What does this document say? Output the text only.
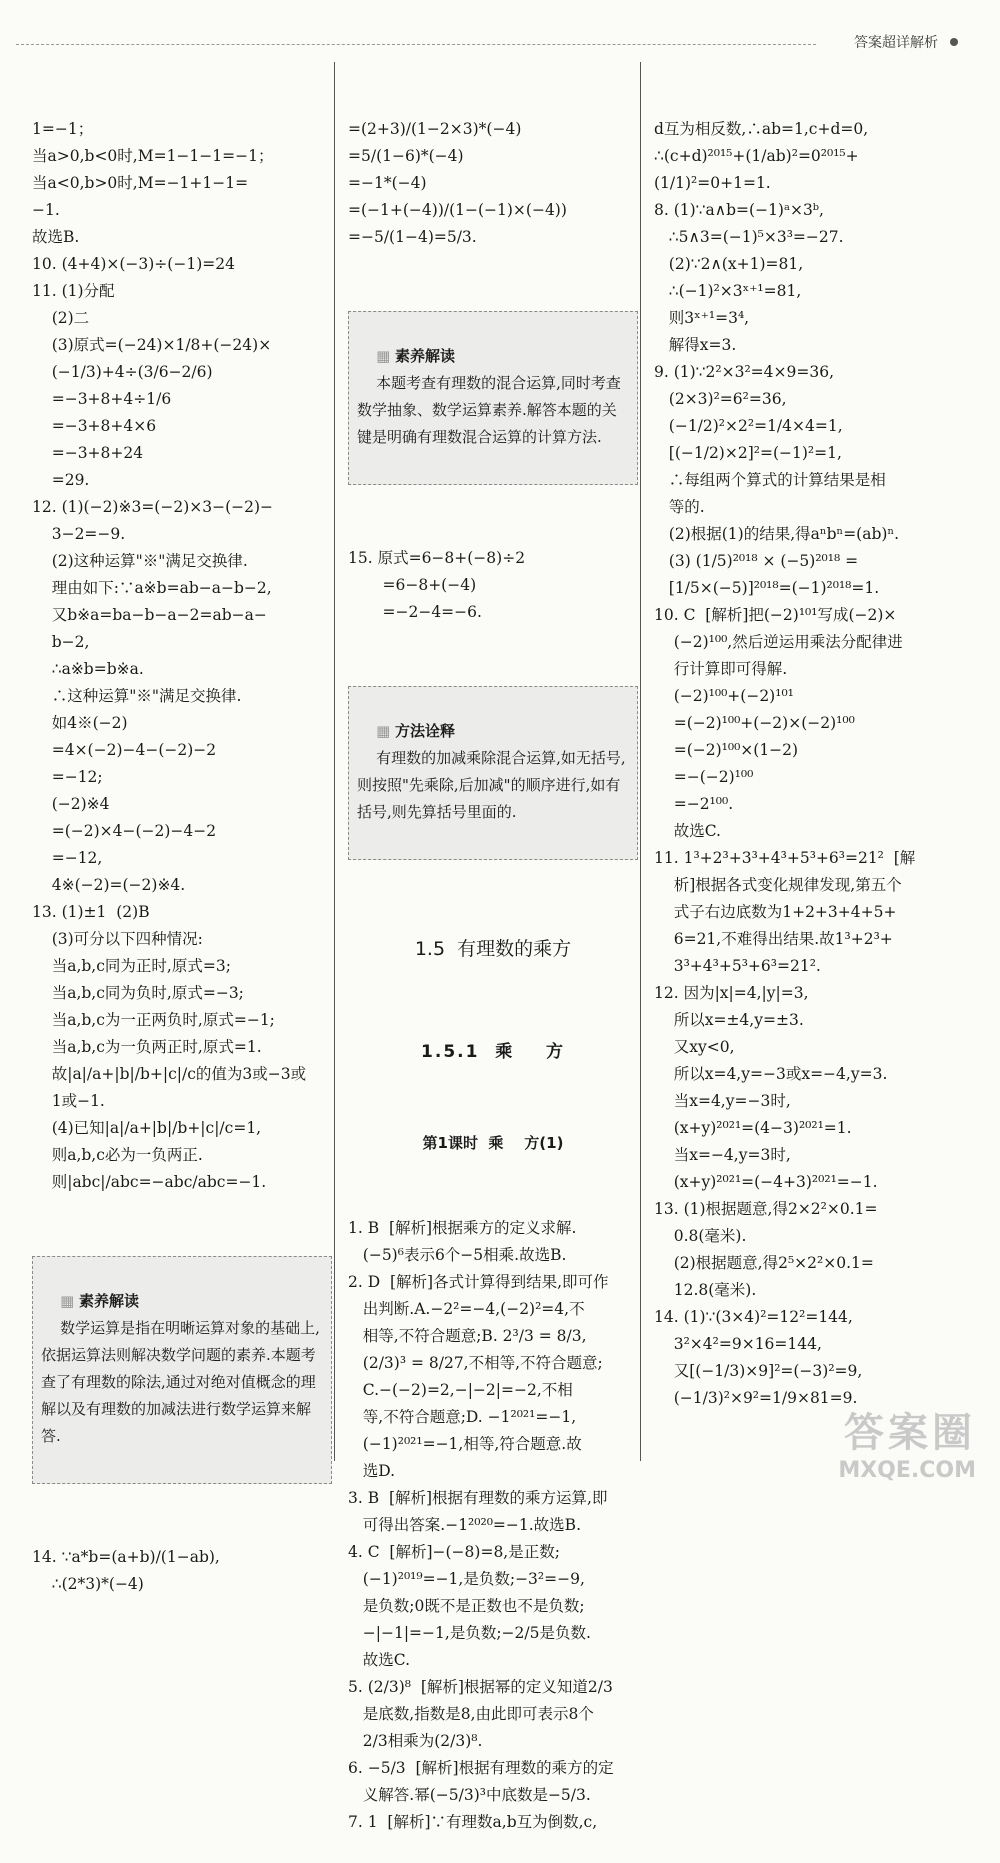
答案超详解析

1=−1；
当a>0,b<0时,M=1−1−1=−1；
当a<0,b>0时,M=−1+1−1=
−1.
故选B.
10. (4+4)×(−3)÷(−1)=24
11. (1)分配
(2)二
(3)原式=(−24)×1/8+(−24)×
(−1/3)+4÷(3/6−2/6)
=−3+8+4÷1/6
=−3+8+4×6
=−3+8+24
=29.
12. (1)(−2)※3=(−2)×3−(−2)−
3−2=−9.
(2)这种运算"※"满足交换律.
理由如下:∵a※b=ab−a−b−2,
又b※a=ba−b−a−2=ab−a−
b−2,
∴a※b=b※a.
∴这种运算"※"满足交换律.
如4※(−2)
=4×(−2)−4−(−2)−2
=−12;
(−2)※4
=(−2)×4−(−2)−4−2
=−12,
4※(−2)=(−2)※4.
13. (1)±1  (2)B
(3)可分以下四种情况:
当a,b,c同为正时,原式=3;
当a,b,c同为负时,原式=−3;
当a,b,c为一正两负时,原式=−1;
当a,b,c为一负两正时,原式=1.
故|a|/a+|b|/b+|c|/c的值为3或−3或
1或−1.
(4)已知|a|/a+|b|/b+|c|/c=1,
则a,b,c必为一负两正.
则|abc|/abc=−abc/abc=−1.

▦ 素养解读
数学运算是指在明晰运算对象的基础上,依据运算法则解决数学问题的素养.本题考查了有理数的除法,通过对绝对值概念的理解以及有理数的加减法进行数学运算来解答.

14. ∵a*b=(a+b)/(1−ab),
∴(2*3)*(−4)

=(2+3)/(1−2×3)*(−4)
=5/(1−6)*(−4)
=−1*(−4)
=(−1+(−4))/(1−(−1)×(−4))
=−5/(1−4)=5/3.

▦ 素养解读
本题考查有理数的混合运算,同时考查数学抽象、数学运算素养.解答本题的关键是明确有理数混合运算的计算方法.

15. 原式=6−8+(−8)÷2
=6−8+(−4)
=−2−4=−6.

▦ 方法诠释
有理数的加减乘除混合运算,如无括号,则按照"先乘除,后加减"的顺序进行,如有括号,则先算括号里面的.

1.5  有理数的乘方

1.5.1  乘    方

第1课时  乘    方(1)

1. B  [解析]根据乘方的定义求解.
(−5)⁶表示6个−5相乘.故选B.
2. D  [解析]各式计算得到结果,即可作
出判断.A.−2²=−4,(−2)²=4,不
相等,不符合题意;B. 2³/3 = 8/3,
(2/3)³ = 8/27,不相等,不符合题意;
C.−(−2)=2,−|−2|=−2,不相
等,不符合题意;D. −1²⁰²¹=−1,
(−1)²⁰²¹=−1,相等,符合题意.故
选D.
3. B  [解析]根据有理数的乘方运算,即
可得出答案.−1²⁰²⁰=−1.故选B.
4. C  [解析]−(−8)=8,是正数;
(−1)²⁰¹⁹=−1,是负数;−3²=−9,
是负数;0既不是正数也不是负数;
−|−1|=−1,是负数;−2/5是负数.
故选C.
5. (2/3)⁸  [解析]根据幂的定义知道2/3
是底数,指数是8,由此即可表示8个
2/3相乘为(2/3)⁸.
6. −5/3  [解析]根据有理数的乘方的定
义解答.幂(−5/3)³中底数是−5/3.
7. 1  [解析]∵有理数a,b互为倒数,c,

d互为相反数,∴ab=1,c+d=0,
∴(c+d)²⁰¹⁵+(1/ab)²=0²⁰¹⁵+
(1/1)²=0+1=1.
8. (1)∵a∧b=(−1)ᵃ×3ᵇ,
∴5∧3=(−1)⁵×3³=−27.
(2)∵2∧(x+1)=81,
∴(−1)²×3ˣ⁺¹=81,
则3ˣ⁺¹=3⁴,
解得x=3.
9. (1)∵2²×3²=4×9=36,
(2×3)²=6²=36,
(−1/2)²×2²=1/4×4=1,
[(−1/2)×2]²=(−1)²=1,
∴每组两个算式的计算结果是相
等的.
(2)根据(1)的结果,得aⁿbⁿ=(ab)ⁿ.
(3) (1/5)²⁰¹⁸ × (−5)²⁰¹⁸ =
[1/5×(−5)]²⁰¹⁸=(−1)²⁰¹⁸=1.
10. C  [解析]把(−2)¹⁰¹写成(−2)×
(−2)¹⁰⁰,然后逆运用乘法分配律进
行计算即可得解.
(−2)¹⁰⁰+(−2)¹⁰¹
=(−2)¹⁰⁰+(−2)×(−2)¹⁰⁰
=(−2)¹⁰⁰×(1−2)
=−(−2)¹⁰⁰
=−2¹⁰⁰.
故选C.
11. 1³+2³+3³+4³+5³+6³=21²  [解
析]根据各式变化规律发现,第五个
式子右边底数为1+2+3+4+5+
6=21,不难得出结果.故1³+2³+
3³+4³+5³+6³=21².
12. 因为|x|=4,|y|=3,
所以x=±4,y=±3.
又xy<0,
所以x=4,y=−3或x=−4,y=3.
当x=4,y=−3时,
(x+y)²⁰²¹=(4−3)²⁰²¹=1.
当x=−4,y=3时,
(x+y)²⁰²¹=(−4+3)²⁰²¹=−1.
13. (1)根据题意,得2×2²×0.1=
0.8(毫米).
(2)根据题意,得2⁵×2²×0.1=
12.8(毫米).
14. (1)∵(3×4)²=12²=144,
3²×4²=9×16=144,
又[(−1/3)×9]²=(−3)²=9,
(−1/3)²×9²=1/9×81=9.

答案圈
MXQE.COM
